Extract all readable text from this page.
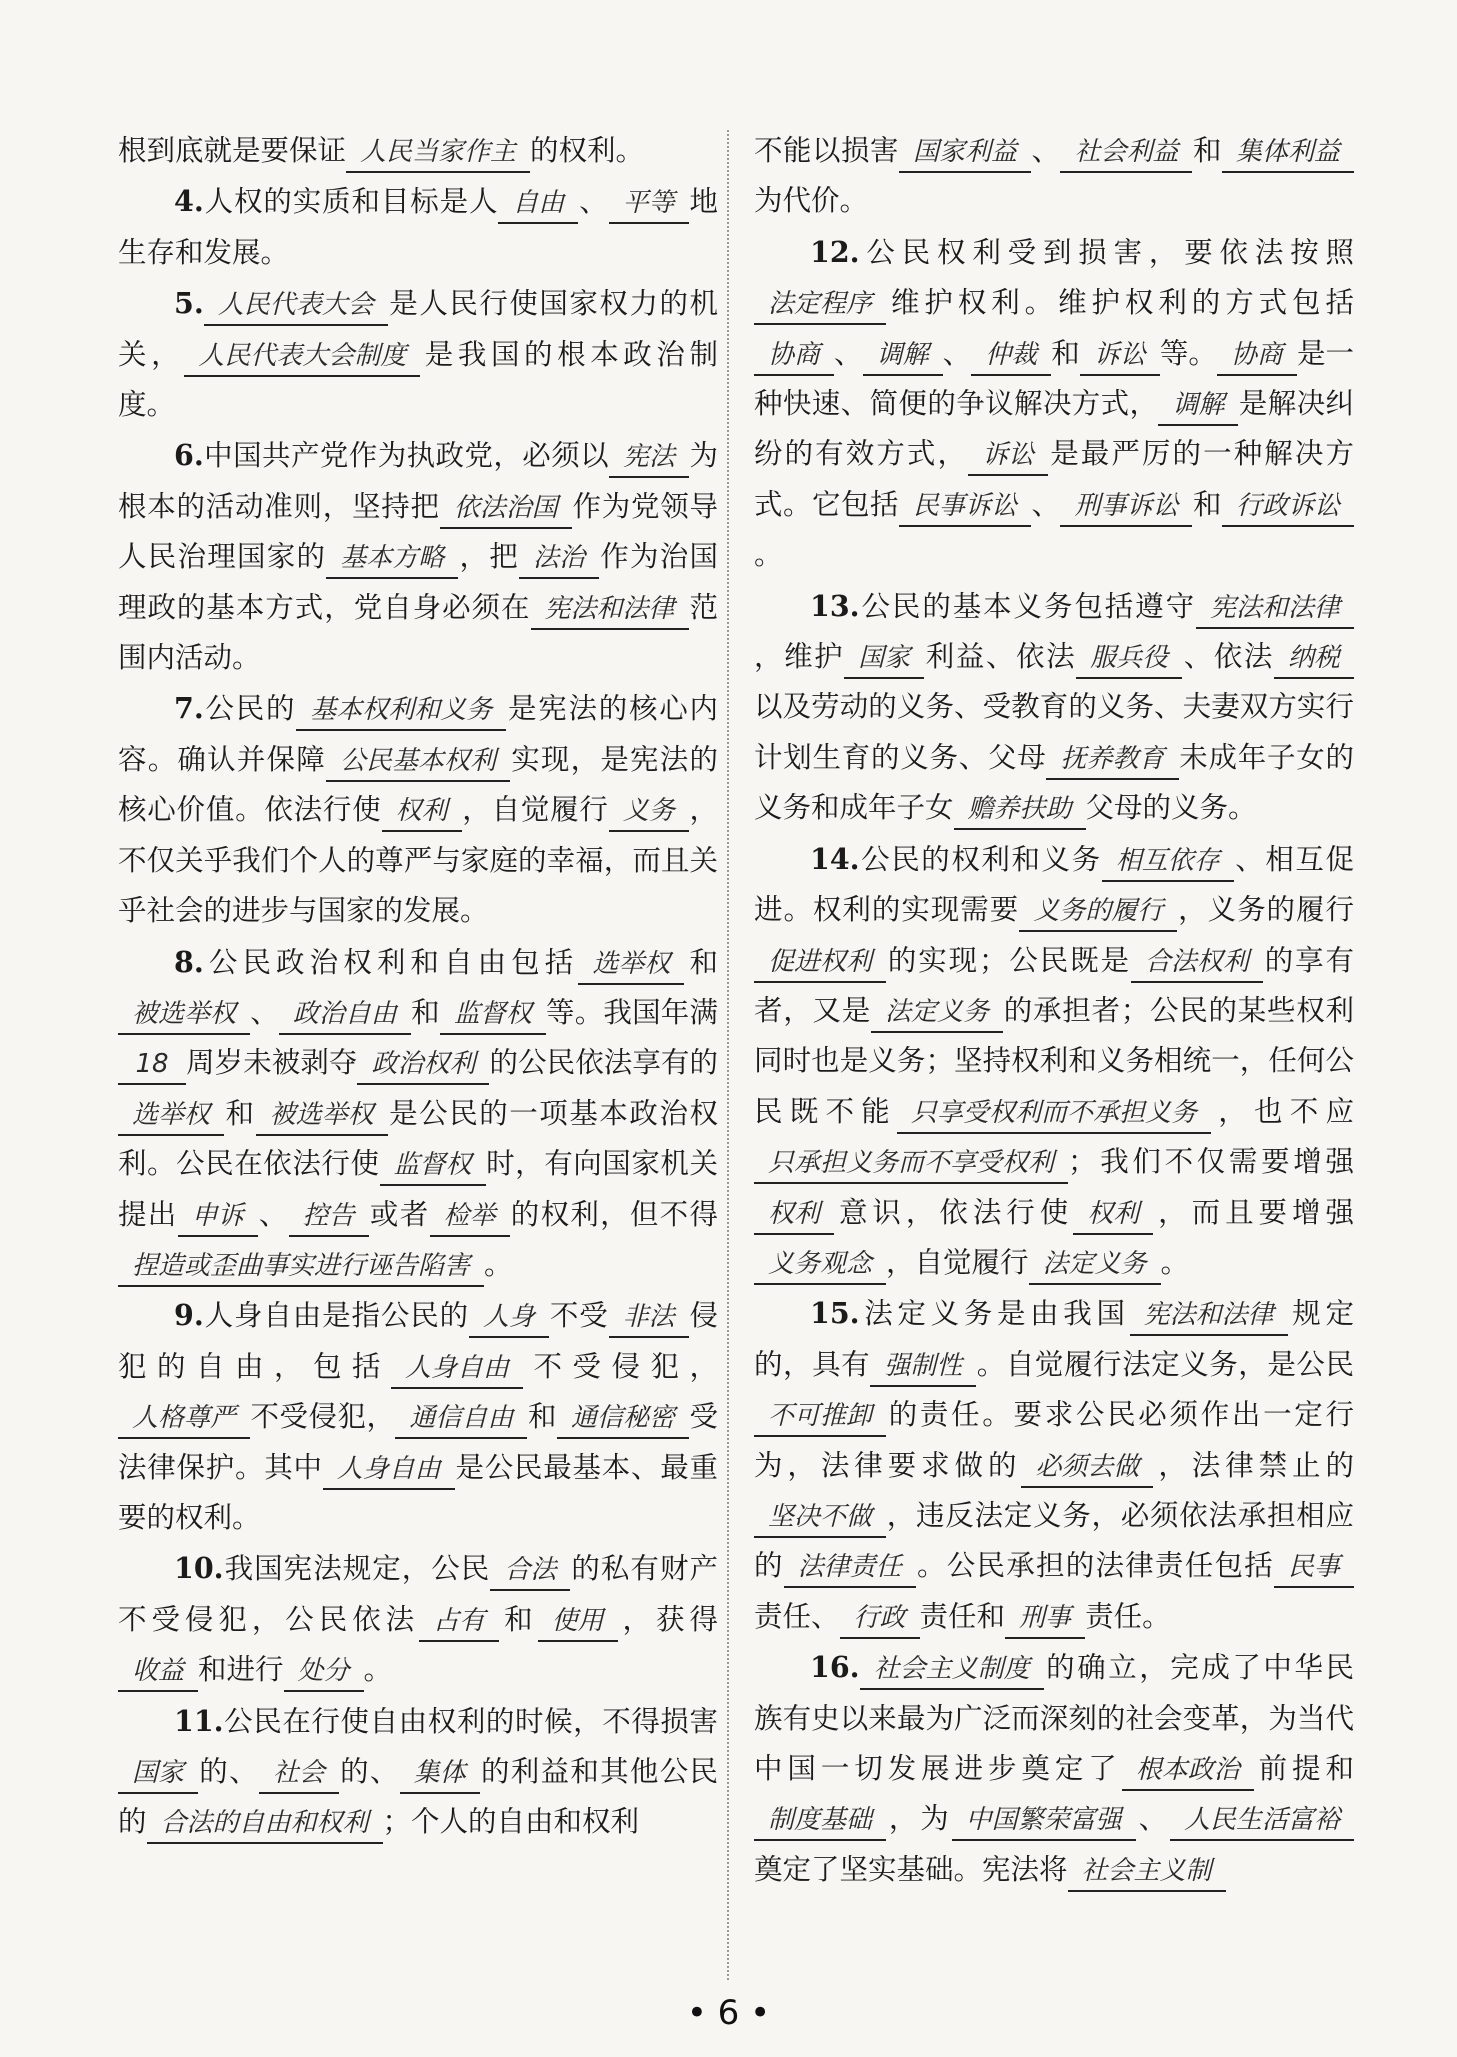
根到底就是要保证 人民当家作主 的权利。

4.人权的实质和目标是人 自由 、 平等 地生存和发展。

5. 人民代表大会 是人民行使国家权力的机关， 人民代表大会制度 是我国的根本政治制度。

6.中国共产党作为执政党，必须以 宪法 为根本的活动准则，坚持把 依法治国 作为党领导人民治理国家的 基本方略 ，把 法治 作为治国理政的基本方式，党自身必须在 宪法和法律 范围内活动。

7.公民的 基本权利和义务 是宪法的核心内容。确认并保障 公民基本权利 实现，是宪法的核心价值。依法行使 权利 ，自觉履行 义务 ，不仅关乎我们个人的尊严与家庭的幸福，而且关乎社会的进步与国家的发展。

8.公民政治权利和自由包括 选举权 和被选举权 、 政治自由 和 监督权 等。我国年满18 周岁未被剥夺 政治权利 的公民依法享有的选举权 和 被选举权 是公民的一项基本政治权利。公民在依法行使 监督权 时，有向国家机关提出 申诉 、 控告 或者 检举 的权利，但不得捏造或歪曲事实进行诬告陷害 。

9.人身自由是指公民的 人身 不受 非法 侵犯的自由，包括 人身自由 不受侵犯，人格尊严 不受侵犯， 通信自由 和 通信秘密 受法律保护。其中 人身自由 是公民最基本、最重要的权利。

10.我国宪法规定，公民 合法 的私有财产不受侵犯，公民依法 占有 和 使用 ，获得收益 和进行 处分 。

11.公民在行使自由权利的时候，不得损害国家 的、 社会 的、 集体 的利益和其他公民的 合法的自由和权利 ；个人的自由和权利

不能以损害 国家利益 、 社会利益 和 集体利益为代价。

12.公民权利受到损害，要依法按照法定程序 维护权利。维护权利的方式包括协商 、 调解 、 仲裁 和 诉讼 等。 协商 是一种快速、简便的争议解决方式， 调解 是解决纠纷的有效方式， 诉讼 是最严厉的一种解决方式。它包括 民事诉讼 、 刑事诉讼 和 行政诉讼。

13.公民的基本义务包括遵守 宪法和法律，维护 国家 利益、依法 服兵役 、依法 纳税以及劳动的义务、受教育的义务、夫妻双方实行计划生育的义务、父母 抚养教育 未成年子女的义务和成年子女 赡养扶助 父母的义务。

14.公民的权利和义务 相互依存 、相互促进。权利的实现需要 义务的履行 ，义务的履行促进权利 的实现；公民既是 合法权利 的享有者，又是 法定义务 的承担者；公民的某些权利同时也是义务；坚持权利和义务相统一，任何公民既不能 只享受权利而不承担义务 ，也不应只承担义务而不享受权利 ；我们不仅需要增强权利 意识，依法行使 权利 ，而且要增强义务观念 ，自觉履行 法定义务 。

15.法定义务是由我国 宪法和法律 规定的，具有 强制性 。自觉履行法定义务，是公民不可推卸 的责任。要求公民必须作出一定行为，法律要求做的 必须去做 ，法律禁止的坚决不做 ，违反法定义务，必须依法承担相应的 法律责任 。公民承担的法律责任包括 民事责任、 行政 责任和 刑事 责任。

16. 社会主义制度 的确立，完成了中华民族有史以来最为广泛而深刻的社会变革，为当代中国一切发展进步奠定了 根本政治 前提和制度基础 ，为 中国繁荣富强 、 人民生活富裕奠定了坚实基础。宪法将 社会主义制

• 6 •
